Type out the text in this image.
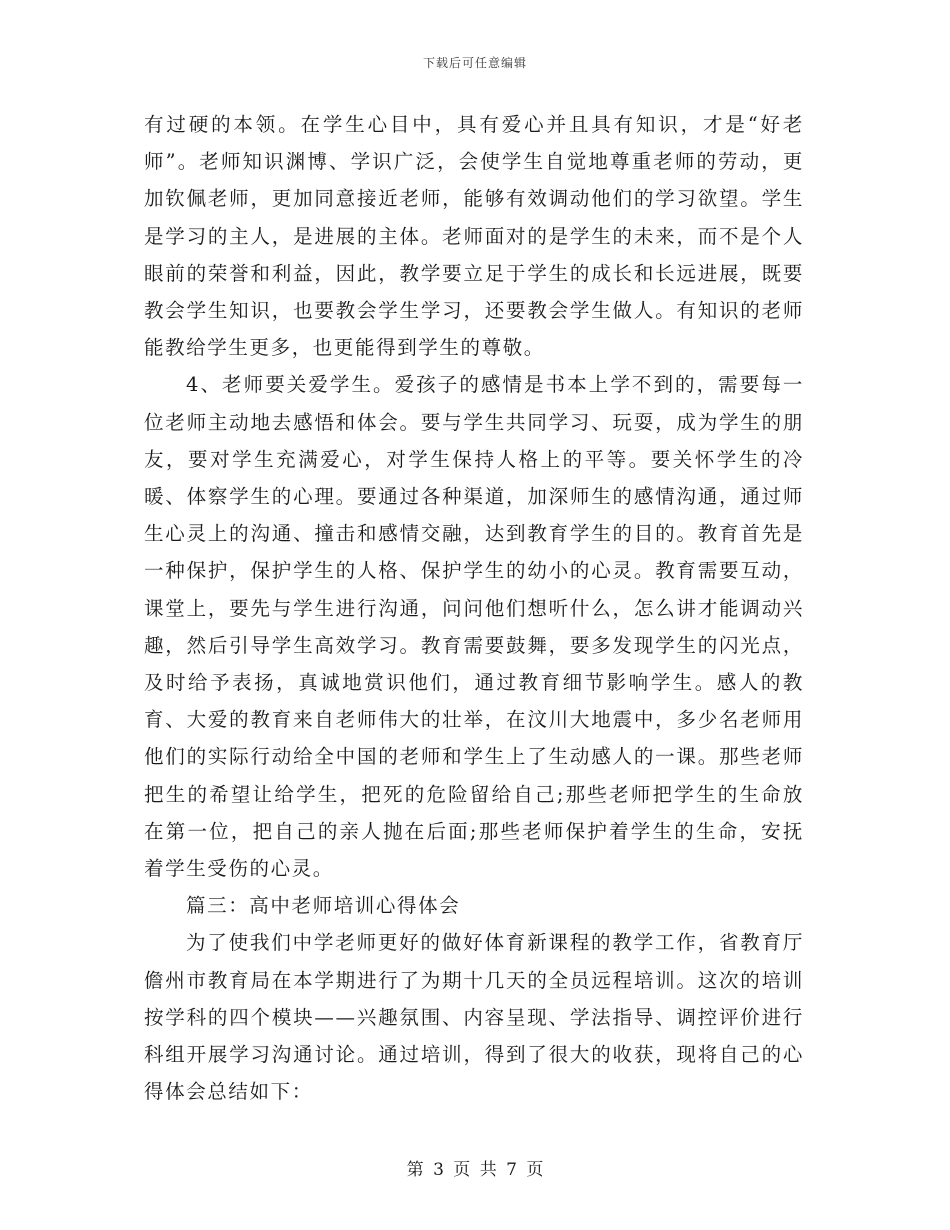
下载后可任意编辑

有过硬的本领。在学生心目中，具有爱心并且具有知识，才是“好老师”。老师知识渊博、学识广泛，会使学生自觉地尊重老师的劳动，更加钦佩老师，更加同意接近老师，能够有效调动他们的学习欲望。学生是学习的主人，是进展的主体。老师面对的是学生的未来，而不是个人眼前的荣誉和利益，因此，教学要立足于学生的成长和长远进展，既要教会学生知识，也要教会学生学习，还要教会学生做人。有知识的老师能教给学生更多，也更能得到学生的尊敬。

4、老师要关爱学生。爱孩子的感情是书本上学不到的，需要每一位老师主动地去感悟和体会。要与学生共同学习、玩耍，成为学生的朋友，要对学生充满爱心，对学生保持人格上的平等。要关怀学生的冷暖、体察学生的心理。要通过各种渠道，加深师生的感情沟通，通过师生心灵上的沟通、撞击和感情交融，达到教育学生的目的。教育首先是一种保护，保护学生的人格、保护学生的幼小的心灵。教育需要互动，课堂上，要先与学生进行沟通，问问他们想听什么，怎么讲才能调动兴趣，然后引导学生高效学习。教育需要鼓舞，要多发现学生的闪光点，及时给予表扬，真诚地赏识他们，通过教育细节影响学生。感人的教育、大爱的教育来自老师伟大的壮举，在汶川大地震中，多少名老师用他们的实际行动给全中国的老师和学生上了生动感人的一课。那些老师把生的希望让给学生，把死的危险留给自己;那些老师把学生的生命放在第一位，把自己的亲人抛在后面;那些老师保护着学生的生命，安抚着学生受伤的心灵。

篇三：高中老师培训心得体会

为了使我们中学老师更好的做好体育新课程的教学工作，省教育厅儋州市教育局在本学期进行了为期十几天的全员远程培训。这次的培训按学科的四个模块——兴趣氛围、内容呈现、学法指导、调控评价进行科组开展学习沟通讨论。通过培训，得到了很大的收获，现将自己的心得体会总结如下：

第 3 页 共 7 页
